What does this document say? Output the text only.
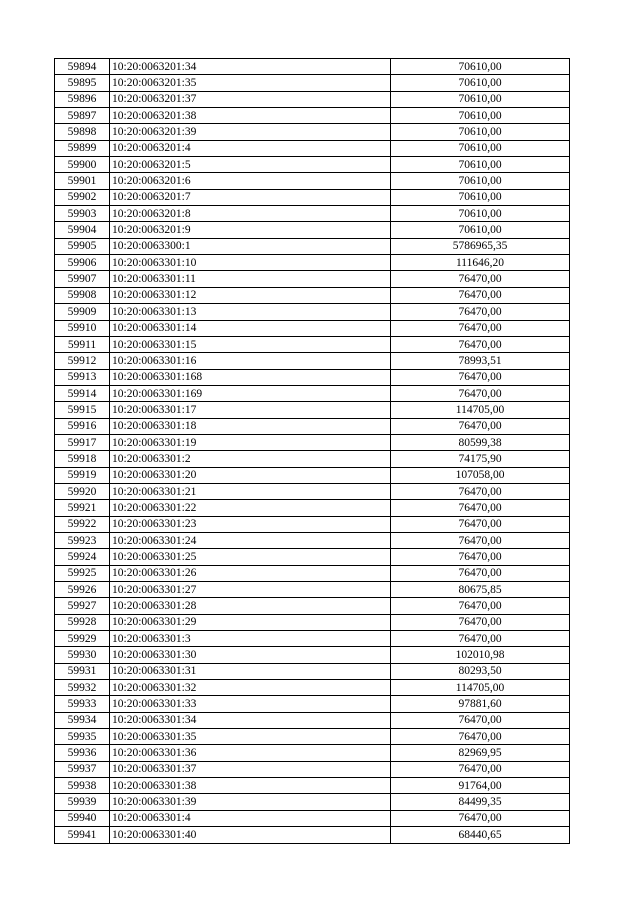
59894	10:20:0063201:34	70610,00
59895	10:20:0063201:35	70610,00
59896	10:20:0063201:37	70610,00
59897	10:20:0063201:38	70610,00
59898	10:20:0063201:39	70610,00
59899	10:20:0063201:4	70610,00
59900	10:20:0063201:5	70610,00
59901	10:20:0063201:6	70610,00
59902	10:20:0063201:7	70610,00
59903	10:20:0063201:8	70610,00
59904	10:20:0063201:9	70610,00
59905	10:20:0063300:1	5786965,35
59906	10:20:0063301:10	111646,20
59907	10:20:0063301:11	76470,00
59908	10:20:0063301:12	76470,00
59909	10:20:0063301:13	76470,00
59910	10:20:0063301:14	76470,00
59911	10:20:0063301:15	76470,00
59912	10:20:0063301:16	78993,51
59913	10:20:0063301:168	76470,00
59914	10:20:0063301:169	76470,00
59915	10:20:0063301:17	114705,00
59916	10:20:0063301:18	76470,00
59917	10:20:0063301:19	80599,38
59918	10:20:0063301:2	74175,90
59919	10:20:0063301:20	107058,00
59920	10:20:0063301:21	76470,00
59921	10:20:0063301:22	76470,00
59922	10:20:0063301:23	76470,00
59923	10:20:0063301:24	76470,00
59924	10:20:0063301:25	76470,00
59925	10:20:0063301:26	76470,00
59926	10:20:0063301:27	80675,85
59927	10:20:0063301:28	76470,00
59928	10:20:0063301:29	76470,00
59929	10:20:0063301:3	76470,00
59930	10:20:0063301:30	102010,98
59931	10:20:0063301:31	80293,50
59932	10:20:0063301:32	114705,00
59933	10:20:0063301:33	97881,60
59934	10:20:0063301:34	76470,00
59935	10:20:0063301:35	76470,00
59936	10:20:0063301:36	82969,95
59937	10:20:0063301:37	76470,00
59938	10:20:0063301:38	91764,00
59939	10:20:0063301:39	84499,35
59940	10:20:0063301:4	76470,00
59941	10:20:0063301:40	68440,65
